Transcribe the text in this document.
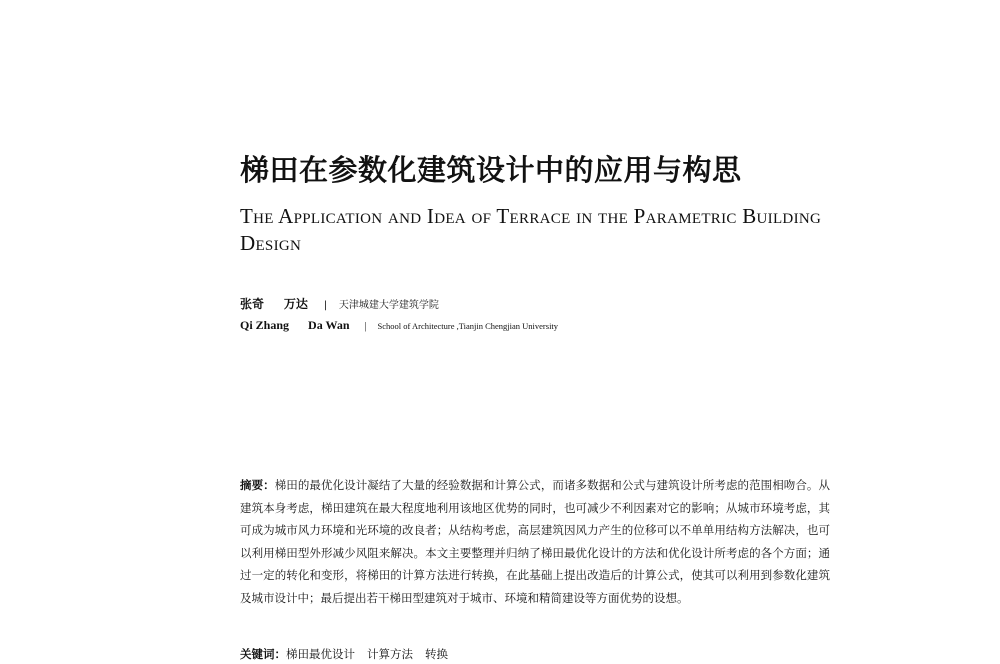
梯田在参数化建筑设计中的应用与构思
The Application and Idea of Terrace in the Parametric Building Design
张奇 万达 | 天津城建大学建筑学院
Qi Zhang Da Wan | School of Architecture ,Tianjin Chengjian University
摘要：梯田的最优化设计凝结了大量的经验数据和计算公式，而诸多数据和公式与建筑设计所考虑的范围相吻合。从建筑本身考虑，梯田建筑在最大程度地利用该地区优势的同时，也可减少不利因素对它的影响；从城市环境考虑，其可成为城市风力环境和光环境的改良者；从结构考虑，高层建筑因风力产生的位移可以不单单用结构方法解决，也可以利用梯田型外形减少风阻来解决。本文主要整理并归纳了梯田最优化设计的方法和优化设计所考虑的各个方面；通过一定的转化和变形，将梯田的计算方法进行转换，在此基础上提出改造后的计算公式，使其可以利用到参数化建筑及城市设计中；最后提出若干梯田型建筑对于城市、环境和精简建设等方面优势的设想。
关键词：梯田最优设计 计算方法 转换
